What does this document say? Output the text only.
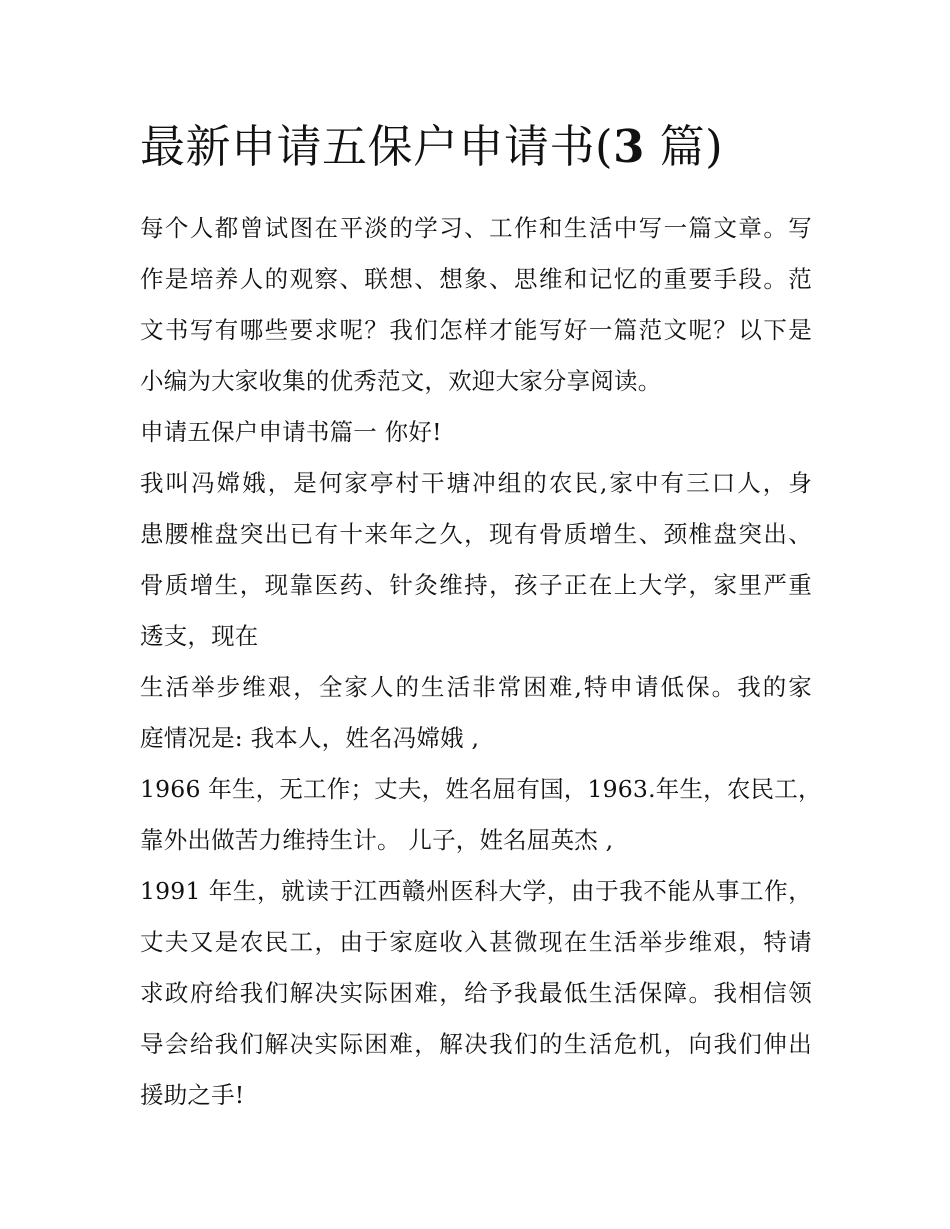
最新申请五保户申请书(3 篇)
每个人都曾试图在平淡的学习、工作和生活中写一篇文章。写
作是培养人的观察、联想、想象、思维和记忆的重要手段。范
文书写有哪些要求呢？我们怎样才能写好一篇范文呢？以下是
小编为大家收集的优秀范文，欢迎大家分享阅读。
申请五保户申请书篇一 你好!
我叫冯嫦娥，是何家亭村干塘冲组的农民,家中有三口人，身
患腰椎盘突出已有十来年之久，现有骨质增生、颈椎盘突出、
骨质增生，现靠医药、针灸维持，孩子正在上大学，家里严重
透支，现在
生活举步维艰，全家人的生活非常困难,特申请低保。我的家
庭情况是: 我本人，姓名冯嫦娥 ,
1966 年生，无工作；丈夫，姓名屈有国，1963.年生，农民工，
靠外出做苦力维持生计。 儿子，姓名屈英杰 ,
1991 年生，就读于江西赣州医科大学，由于我不能从事工作，
丈夫又是农民工，由于家庭收入甚微现在生活举步维艰，特请
求政府给我们解决实际困难，给予我最低生活保障。我相信领
导会给我们解决实际困难，解决我们的生活危机，向我们伸出
援助之手!
